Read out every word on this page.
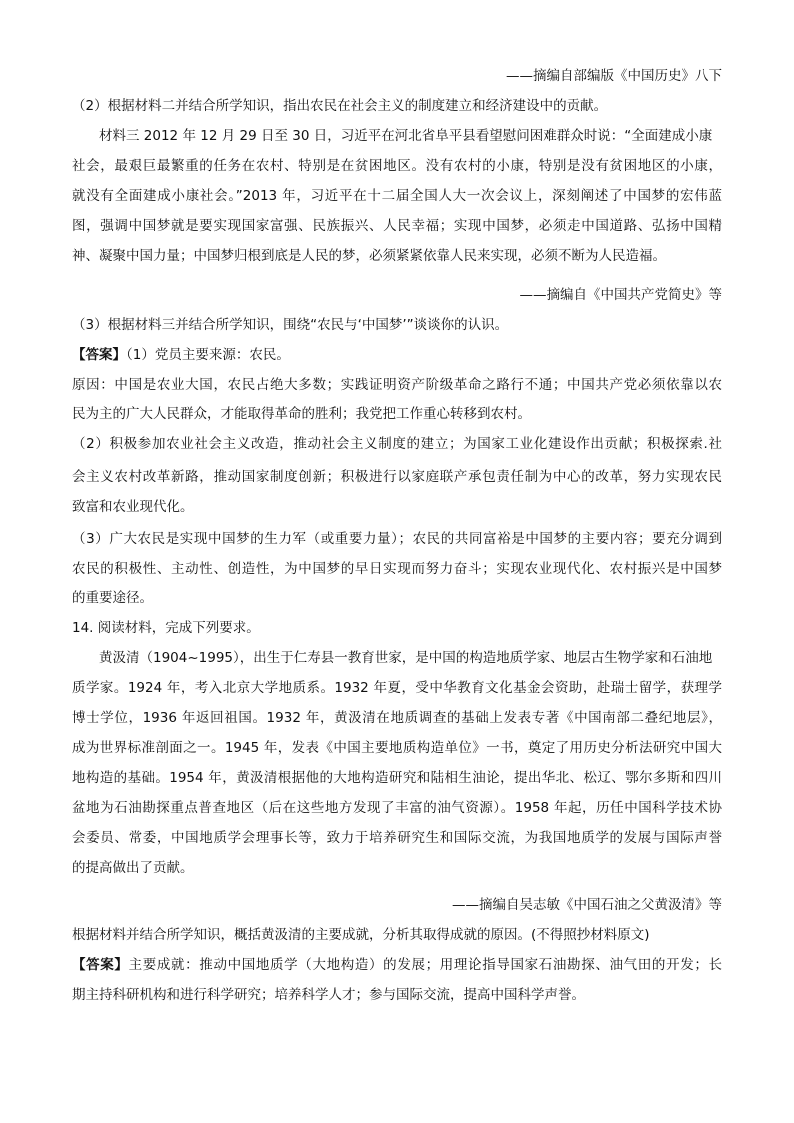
——摘编自部编版《中国历史》八下
（2）根据材料二并结合所学知识，指出农民在社会主义的制度建立和经济建设中的贡献。
材料三 2012 年 12 月 29 日至 30 日，习近平在河北省阜平县看望慰问困难群众时说：“全面建成小康
社会，最艰巨最繁重的任务在农村、特别是在贫困地区。没有农村的小康，特别是没有贫困地区的小康，
就没有全面建成小康社会。”2013 年，习近平在十二届全国人大一次会议上，深刻阐述了中国梦的宏伟蓝
图，强调中国梦就是要实现国家富强、民族振兴、人民幸福；实现中国梦，必须走中国道路、弘扬中国精
神、凝聚中国力量；中国梦归根到底是人民的梦，必须紧紧依靠人民来实现，必须不断为人民造福。
——摘编自《中国共产党简史》等
（3）根据材料三并结合所学知识，围绕“农民与‘中国梦’”谈谈你的认识。
【答案】（1）党员主要来源：农民。
原因：中国是农业大国，农民占绝大多数；实践证明资产阶级革命之路行不通；中国共产党必须依靠以农
民为主的广大人民群众，才能取得革命的胜利；我党把工作重心转移到农村。
（2）积极参加农业社会主义改造，推动社会主义制度的建立；为国家工业化建设作出贡献；积极探索.社
会主义农村改革新路，推动国家制度创新；积极进行以家庭联产承包责任制为中心的改革，努力实现农民
致富和农业现代化。
（3）广大农民是实现中国梦的生力军（或重要力量）；农民的共同富裕是中国梦的主要内容；要充分调到
农民的积极性、主动性、创造性，为中国梦的早日实现而努力奋斗；实现农业现代化、农村振兴是中国梦
的重要途径。
14. 阅读材料，完成下列要求。
黄汲清（1904~1995），出生于仁寿县一教育世家，是中国的构造地质学家、地层古生物学家和石油地
质学家。1924 年，考入北京大学地质系。1932 年夏，受中华教育文化基金会资助，赴瑞士留学，获理学
博士学位，1936 年返回祖国。1932 年，黄汲清在地质调查的基础上发表专著《中国南部二叠纪地层》，
成为世界标准剖面之一。1945 年，发表《中国主要地质构造单位》一书，奠定了用历史分析法研究中国大
地构造的基础。1954 年，黄汲清根据他的大地构造研究和陆相生油论，提出华北、松辽、鄂尔多斯和四川
盆地为石油勘探重点普查地区（后在这些地方发现了丰富的油气资源）。1958 年起，历任中国科学技术协
会委员、常委，中国地质学会理事长等，致力于培养研究生和国际交流，为我国地质学的发展与国际声誉
的提高做出了贡献。
——摘编自吴志敏《中国石油之父黄汲清》等
根据材料并结合所学知识，概括黄汲清的主要成就，分析其取得成就的原因。(不得照抄材料原文)
【答案】主要成就：推动中国地质学（大地构造）的发展；用理论指导国家石油勘探、油气田的开发；长
期主持科研机构和进行科学研究；培养科学人才；参与国际交流，提高中国科学声誉。
